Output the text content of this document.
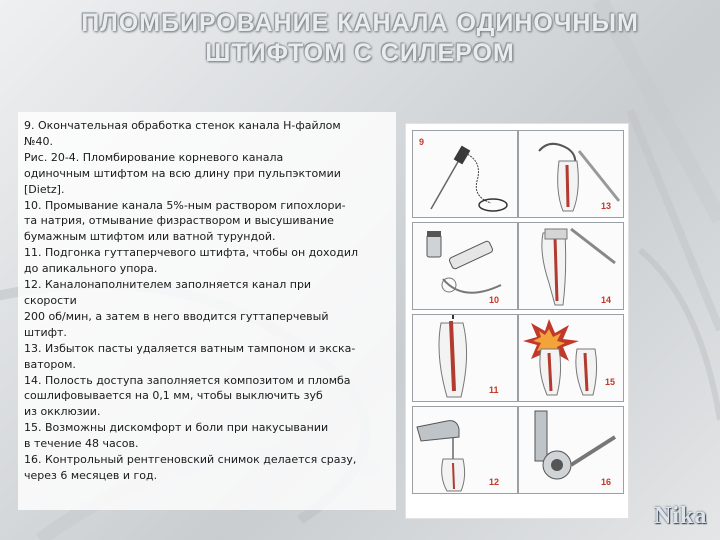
ПЛОМБИРОВАНИЕ КАНАЛА ОДИНОЧНЫМ
ШТИФТОМ С СИЛЕРОМ
9. Окончательная обработка стенок канала Н-файлом
№40.
Рис. 20-4. Пломбирование корневого канала
одиночным штифтом на всю длину при пульпэктомии
[Dietz].
10. Промывание канала 5%-ным раствором гипохлори-
та натрия, отмывание физраствором и высушивание
бумажным штифтом или ватной турундой.
11. Подгонка гуттаперчевого штифта, чтобы он доходил
до апикального упора.
12. Каналонаполнителем заполняется канал при
скорости
200 об/мин, а затем в него вводится гуттаперчевый
штифт.
13. Избыток пасты удаляется ватным тампоном и экска-
ватором.
14. Полость доступа заполняется композитом и пломба
сошлифовывается на 0,1 мм, чтобы выключить зуб
из окклюзии.
15. Возможны дискомфорт и боли при накусывании
в течение 48 часов.
16. Контрольный рентгеновский снимок делается сразу,
через 6 месяцев и год.
9
13
10	14
11
15
12	16
Nika
